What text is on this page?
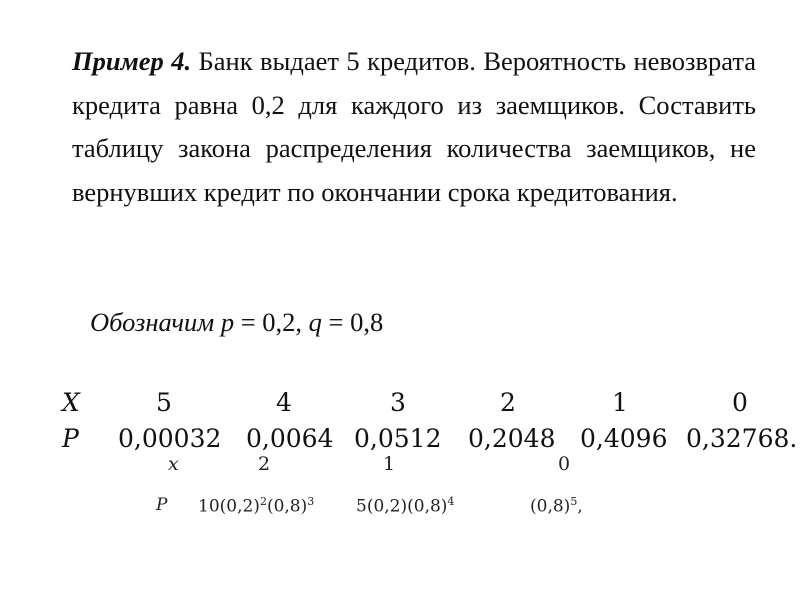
Пример 4. Банк выдает 5 кредитов. Вероятность невозврата кредита равна 0,2 для каждого из заемщиков. Составить таблицу закона распределения количества заемщиков, не вернувших кредит по окончании срока кредитования.
Обозначим p = 0,2, q = 0,8
X	5	4	3	2	1	0
P 0,00032 0,0064 0,0512 0,2048 0,4096 0,32768.
x	2	1	0
P $10(0,2)^2(0,8)^3$ $5(0,2)(0,8)^4$	$(0,8)^5$,
